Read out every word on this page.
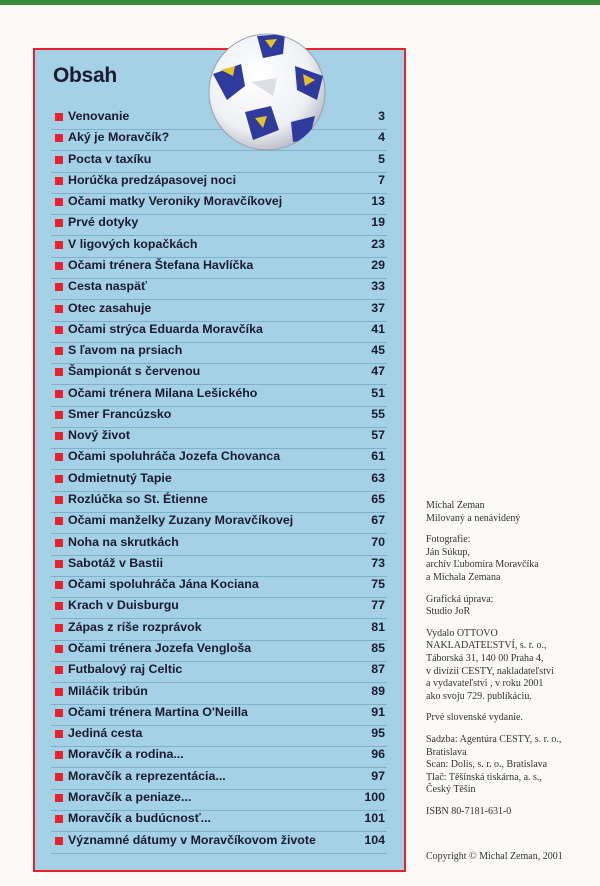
Obsah
Venovanie	3
Aký je Moravčík?	4
Pocta v taxíku	5
Horúčka predzápasovej noci	7
Očami matky Veroniky Moravčíkovej	13
Prvé dotyky	19
V ligových kopačkách	23
Očami trénera Štefana Havlíčka	29
Cesta naspäť	33
Otec zasahuje	37
Očami strýca Eduarda Moravčíka	41
S ľavom na prsiach	45
Šampionát s červenou	47
Očami trénera Milana Lešického	51
Smer Francúzsko	55
Nový život	57
Očami spoluhráča Jozefa Chovanca	61
Odmietnutý Tapie	63
Rozlúčka so St. Étienne	65
Očami manželky Zuzany Moravčíkovej	67
Noha na skrutkách	70
Sabotáž v Bastii	73
Očami spoluhráča Jána Kociana	75
Krach v Duisburgu	77
Zápas z ríše rozprávok	81
Očami trénera Jozefa Vengloša	85
Futbalový raj Celtic	87
Miláčik tribún	89
Očami trénera Martina O'Neilla	91
Jediná cesta	95
Moravčík a rodina...	96
Moravčík a reprezentácia...	97
Moravčík a peniaze...	100
Moravčík a budúcnosť...	101
Významné dátumy v Moravčíkovom živote	104

Michal Zeman
Milovaný a nenávidený

Fotografie:
Ján Súkup,
archív Ľubomíra Moravčíka
a Michala Zemana

Grafická úprava:
Studio JoR

Vydalo OTTOVO
NAKLADATEĽSTVÍ, s. r. o.,
Táborská 31, 140 00 Praha 4,
v divízii CESTY, nakladateľstvi
a vydavateľstvi , v roku 2001
ako svoju 729. publikáciu.

Prvé slovenské vydanie.

Sadzba: Agentúra CESTY, s. r. o.,
Bratislava
Scan: Dolis, s. r. o., Bratislava
Tlač: Těšínská tiskárna, a. s.,
Český Těšín

ISBN 80-7181-631-0

Copyright © Michal Zeman, 2001
